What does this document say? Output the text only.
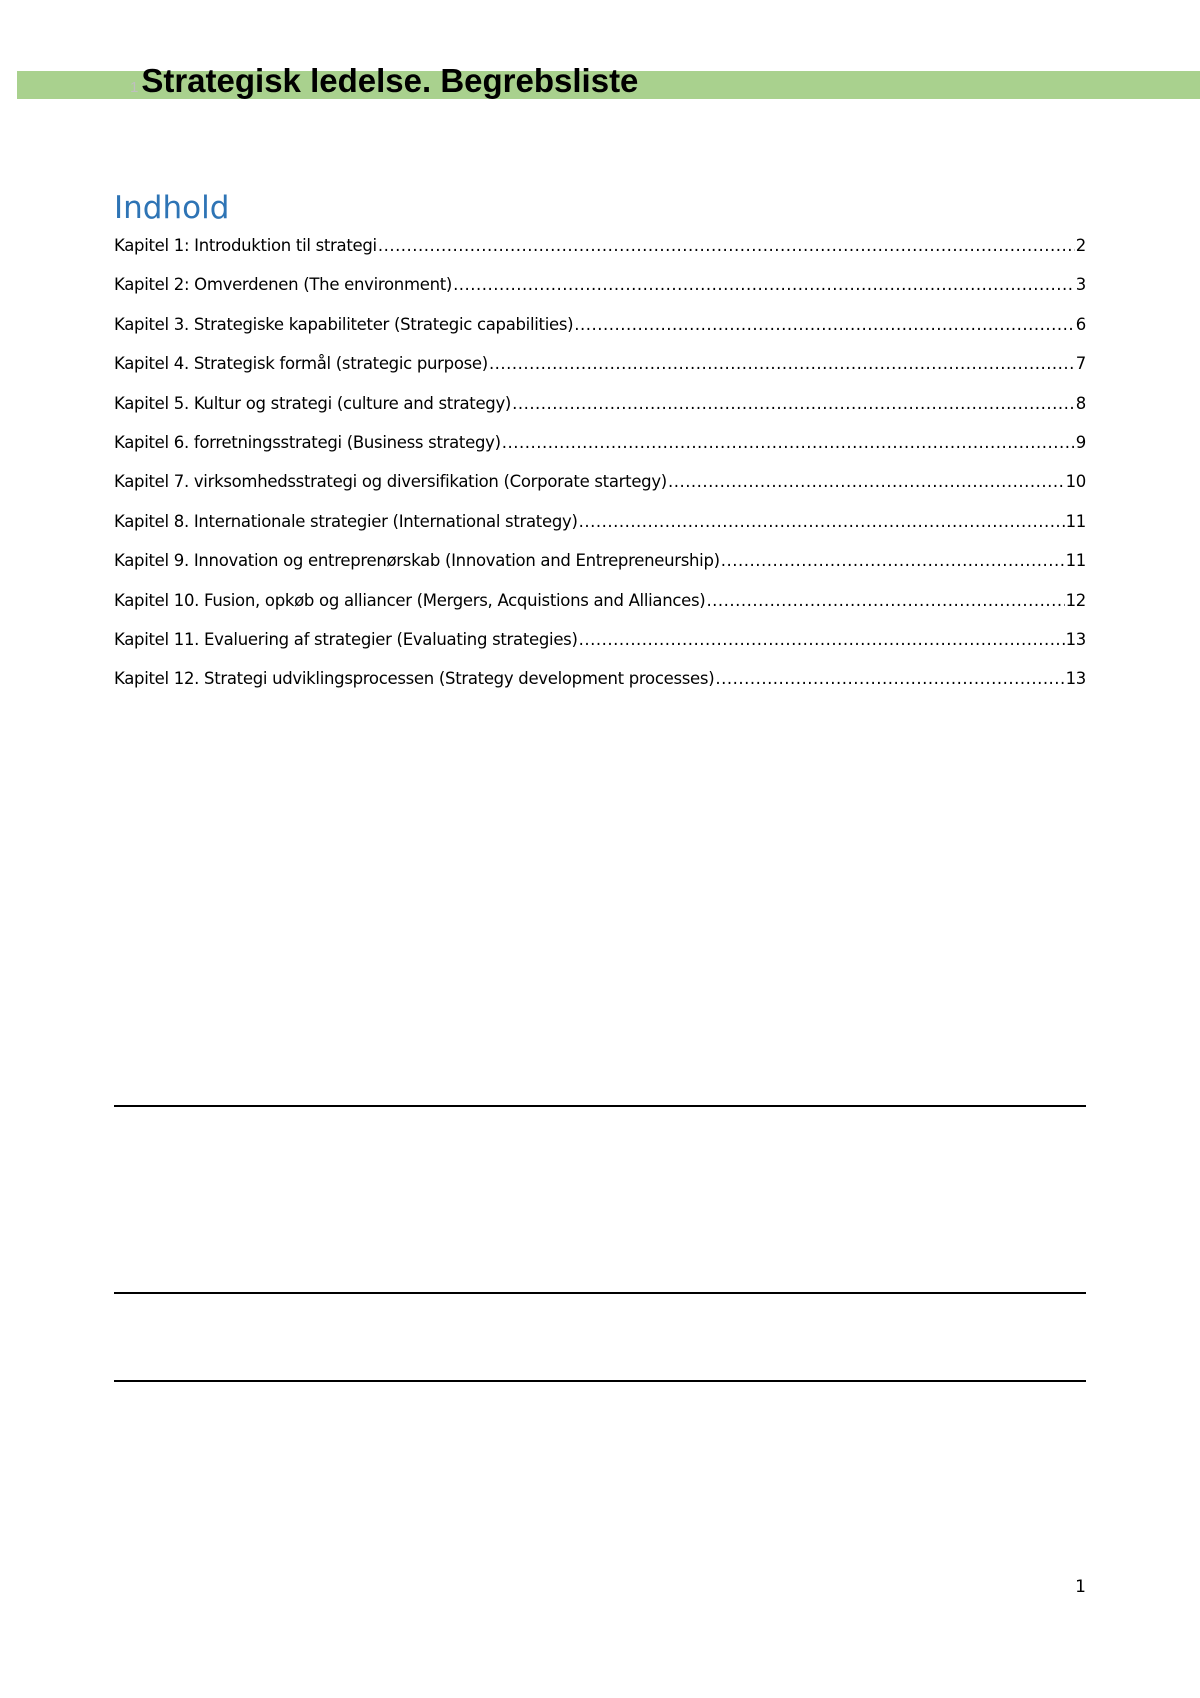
1 Strategisk ledelse. Begrebsliste
Indhold
Kapitel 1: Introduktion til strategi .....	2
Kapitel 2: Omverdenen (The environment) .....	3
Kapitel 3. Strategiske kapabiliteter (Strategic capabilities) .....	6
Kapitel 4. Strategisk formål (strategic purpose) .....	7
Kapitel 5. Kultur og strategi (culture and strategy) .....	8
Kapitel 6. forretningsstrategi (Business strategy) .....	9
Kapitel 7. virksomhedsstrategi og diversifikation (Corporate startegy) .....	10
Kapitel 8. Internationale strategier (International strategy) .....	11
Kapitel 9. Innovation og entreprenørskab (Innovation and Entrepreneurship) .....	11
Kapitel 10. Fusion, opkøb og alliancer (Mergers, Acquistions and Alliances) .....	12
Kapitel 11. Evaluering af strategier (Evaluating strategies) .....	13
Kapitel 12. Strategi udviklingsprocessen (Strategy development processes) .....	13
1
